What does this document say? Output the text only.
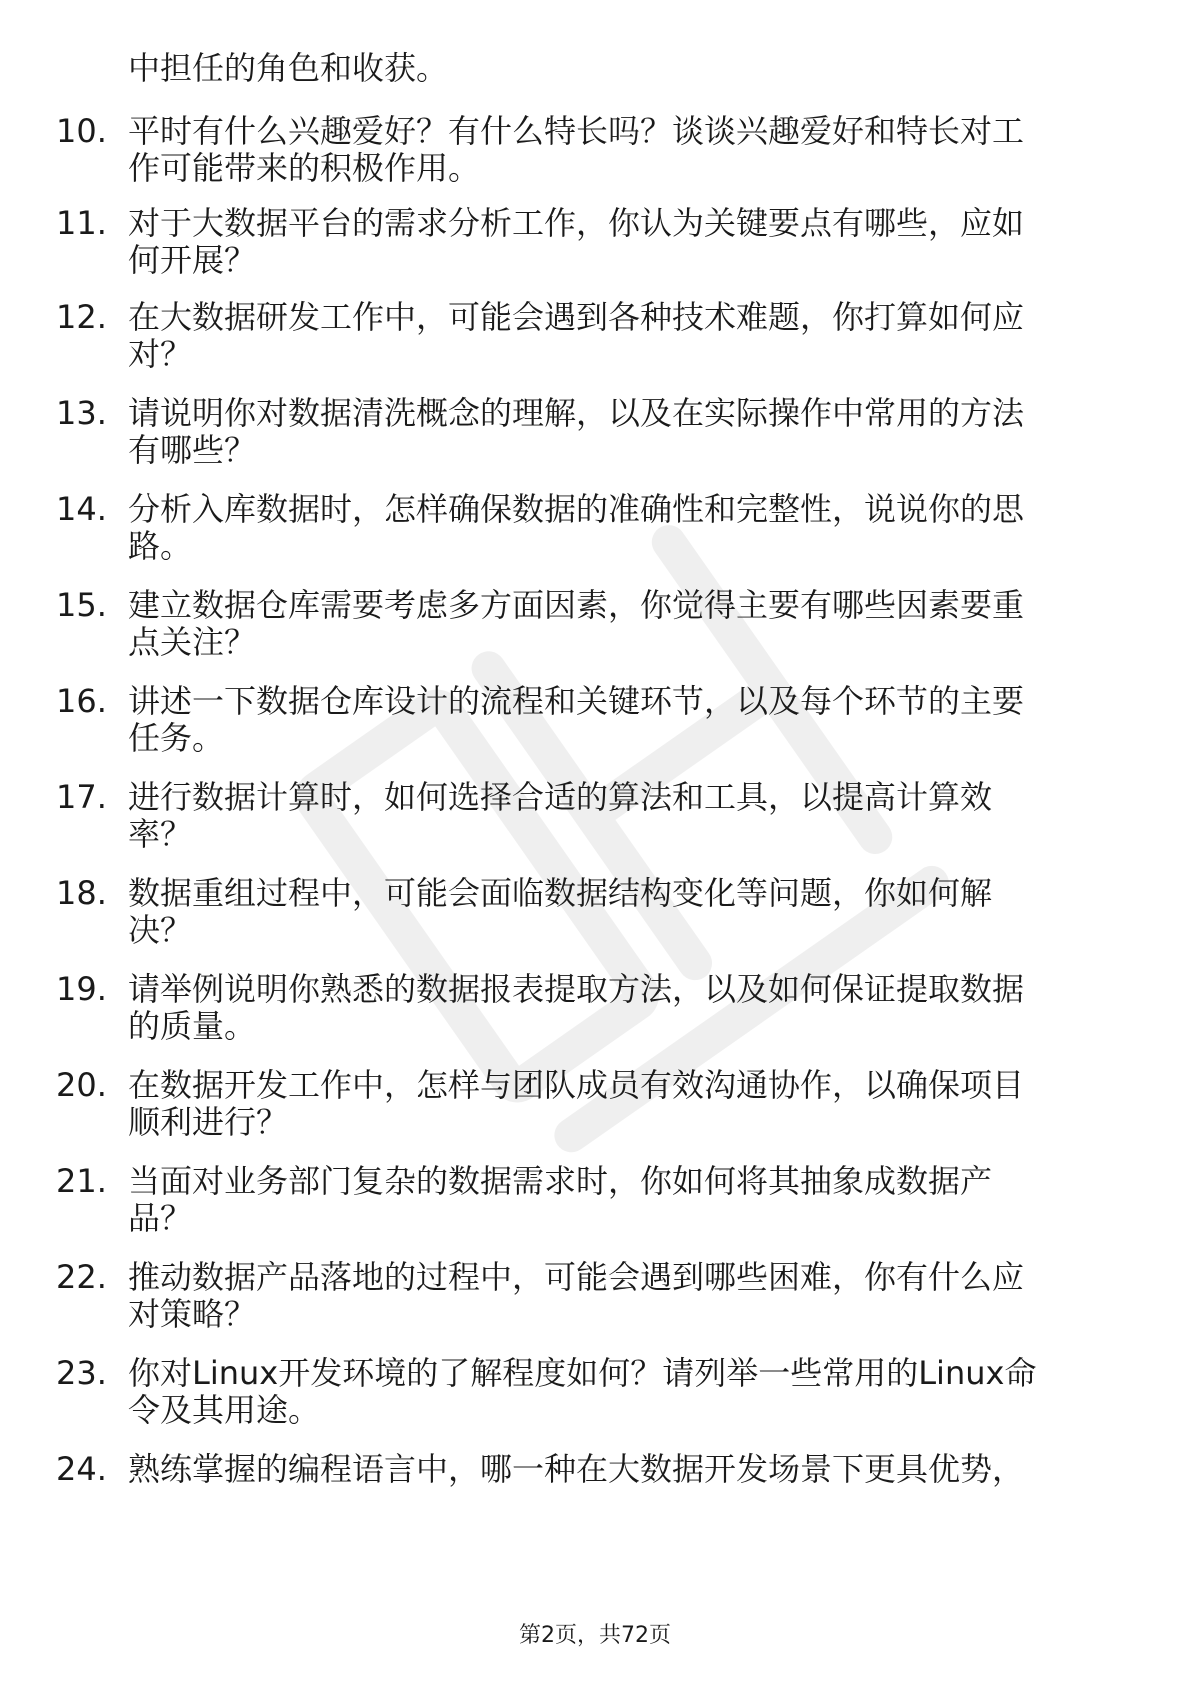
中担任的角色和收获。
10. 平时有什么兴趣爱好？有什么特长吗？谈谈兴趣爱好和特长对工
作可能带来的积极作用。
11. 对于大数据平台的需求分析工作，你认为关键要点有哪些，应如
何开展？
12. 在大数据研发工作中，可能会遇到各种技术难题，你打算如何应
对？
13. 请说明你对数据清洗概念的理解，以及在实际操作中常用的方法
有哪些？
14. 分析入库数据时，怎样确保数据的准确性和完整性，说说你的思
路。
15. 建立数据仓库需要考虑多方面因素，你觉得主要有哪些因素要重
点关注？
16. 讲述一下数据仓库设计的流程和关键环节，以及每个环节的主要
任务。
17. 进行数据计算时，如何选择合适的算法和工具，以提高计算效
率？
18. 数据重组过程中，可能会面临数据结构变化等问题，你如何解
决？
19. 请举例说明你熟悉的数据报表提取方法，以及如何保证提取数据
的质量。
20. 在数据开发工作中，怎样与团队成员有效沟通协作，以确保项目
顺利进行？
21. 当面对业务部门复杂的数据需求时，你如何将其抽象成数据产
品？
22. 推动数据产品落地的过程中，可能会遇到哪些困难，你有什么应
对策略？
23. 你对Linux开发环境的了解程度如何？请列举一些常用的Linux命
令及其用途。
24. 熟练掌握的编程语言中，哪一种在大数据开发场景下更具优势，
第2页，共72页
